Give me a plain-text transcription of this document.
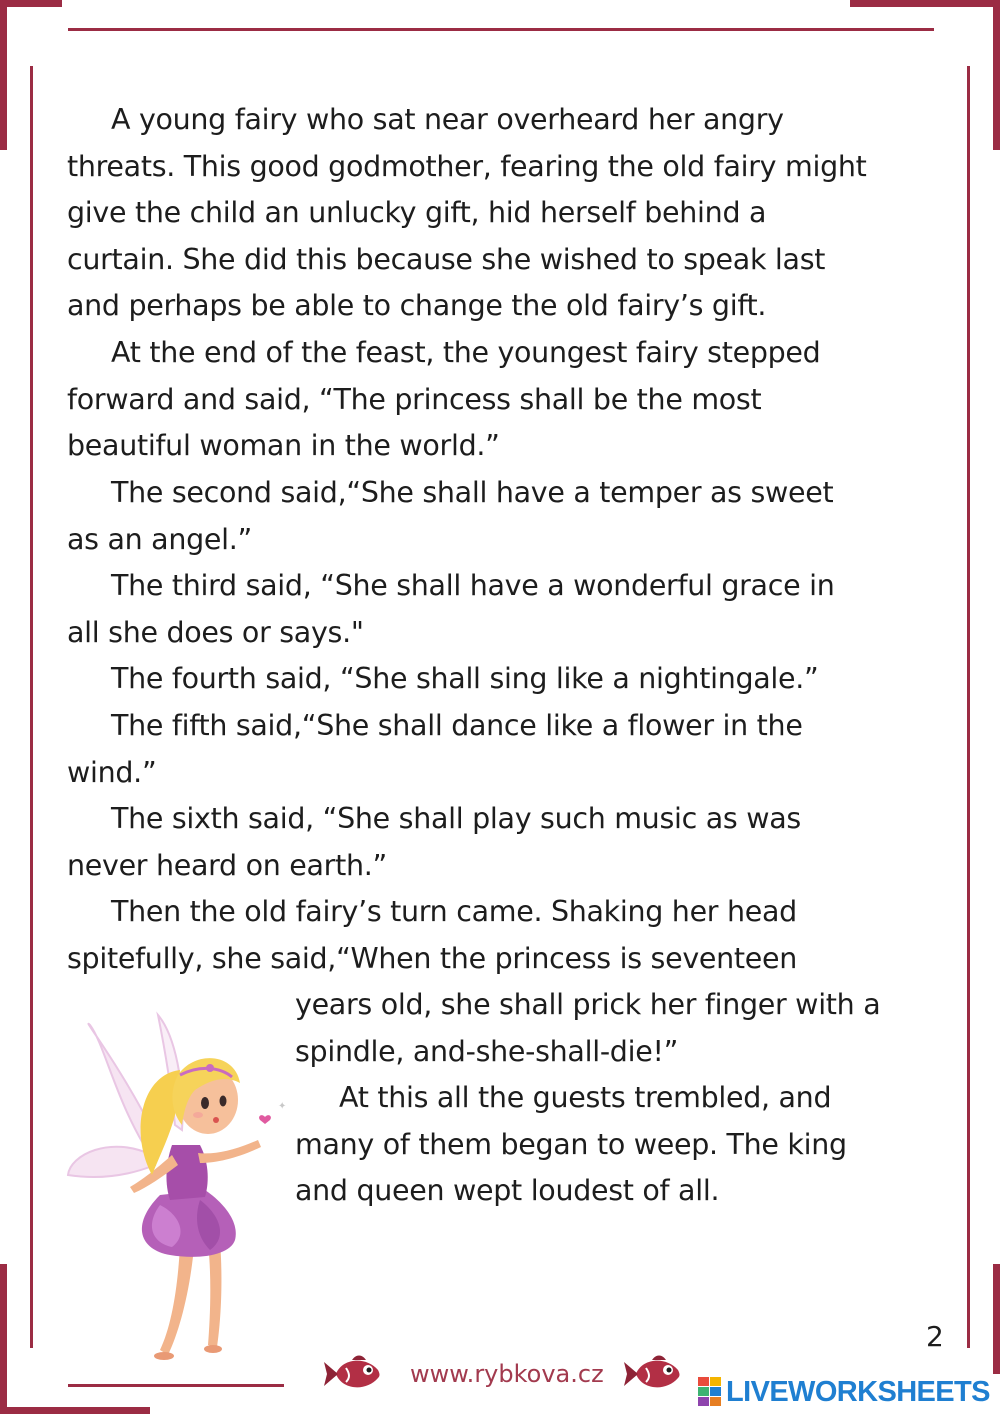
A young fairy who sat near overheard her angry
threats. This good godmother, fearing the old fairy might
give the child an unlucky gift, hid herself behind a
curtain. She did this because she wished to speak last
and perhaps be able to change the old fairy’s gift.

At the end of the feast, the youngest fairy stepped
forward and said, “The princess shall be the most
beautiful woman in the world.”

The second said,“She shall have a temper as sweet
as an angel.”

The third said, “She shall have a wonderful grace in
all she does or says."

The fourth said, “She shall sing like a nightingale.”

The fifth said,“She shall dance like a flower in the
wind.”

The sixth said, “She shall play such music as was
never heard on earth.”

Then the old fairy’s turn came. Shaking her head
spitefully, she said,“When the princess is seventeen

years old, she shall prick her finger with a
spindle, and-she-shall-die!”

At this all the guests trembled, and
many of them began to weep. The king
and queen wept loudest of all.

✦
2
www.rybkova.cz
LIVEWORKSHEETS
